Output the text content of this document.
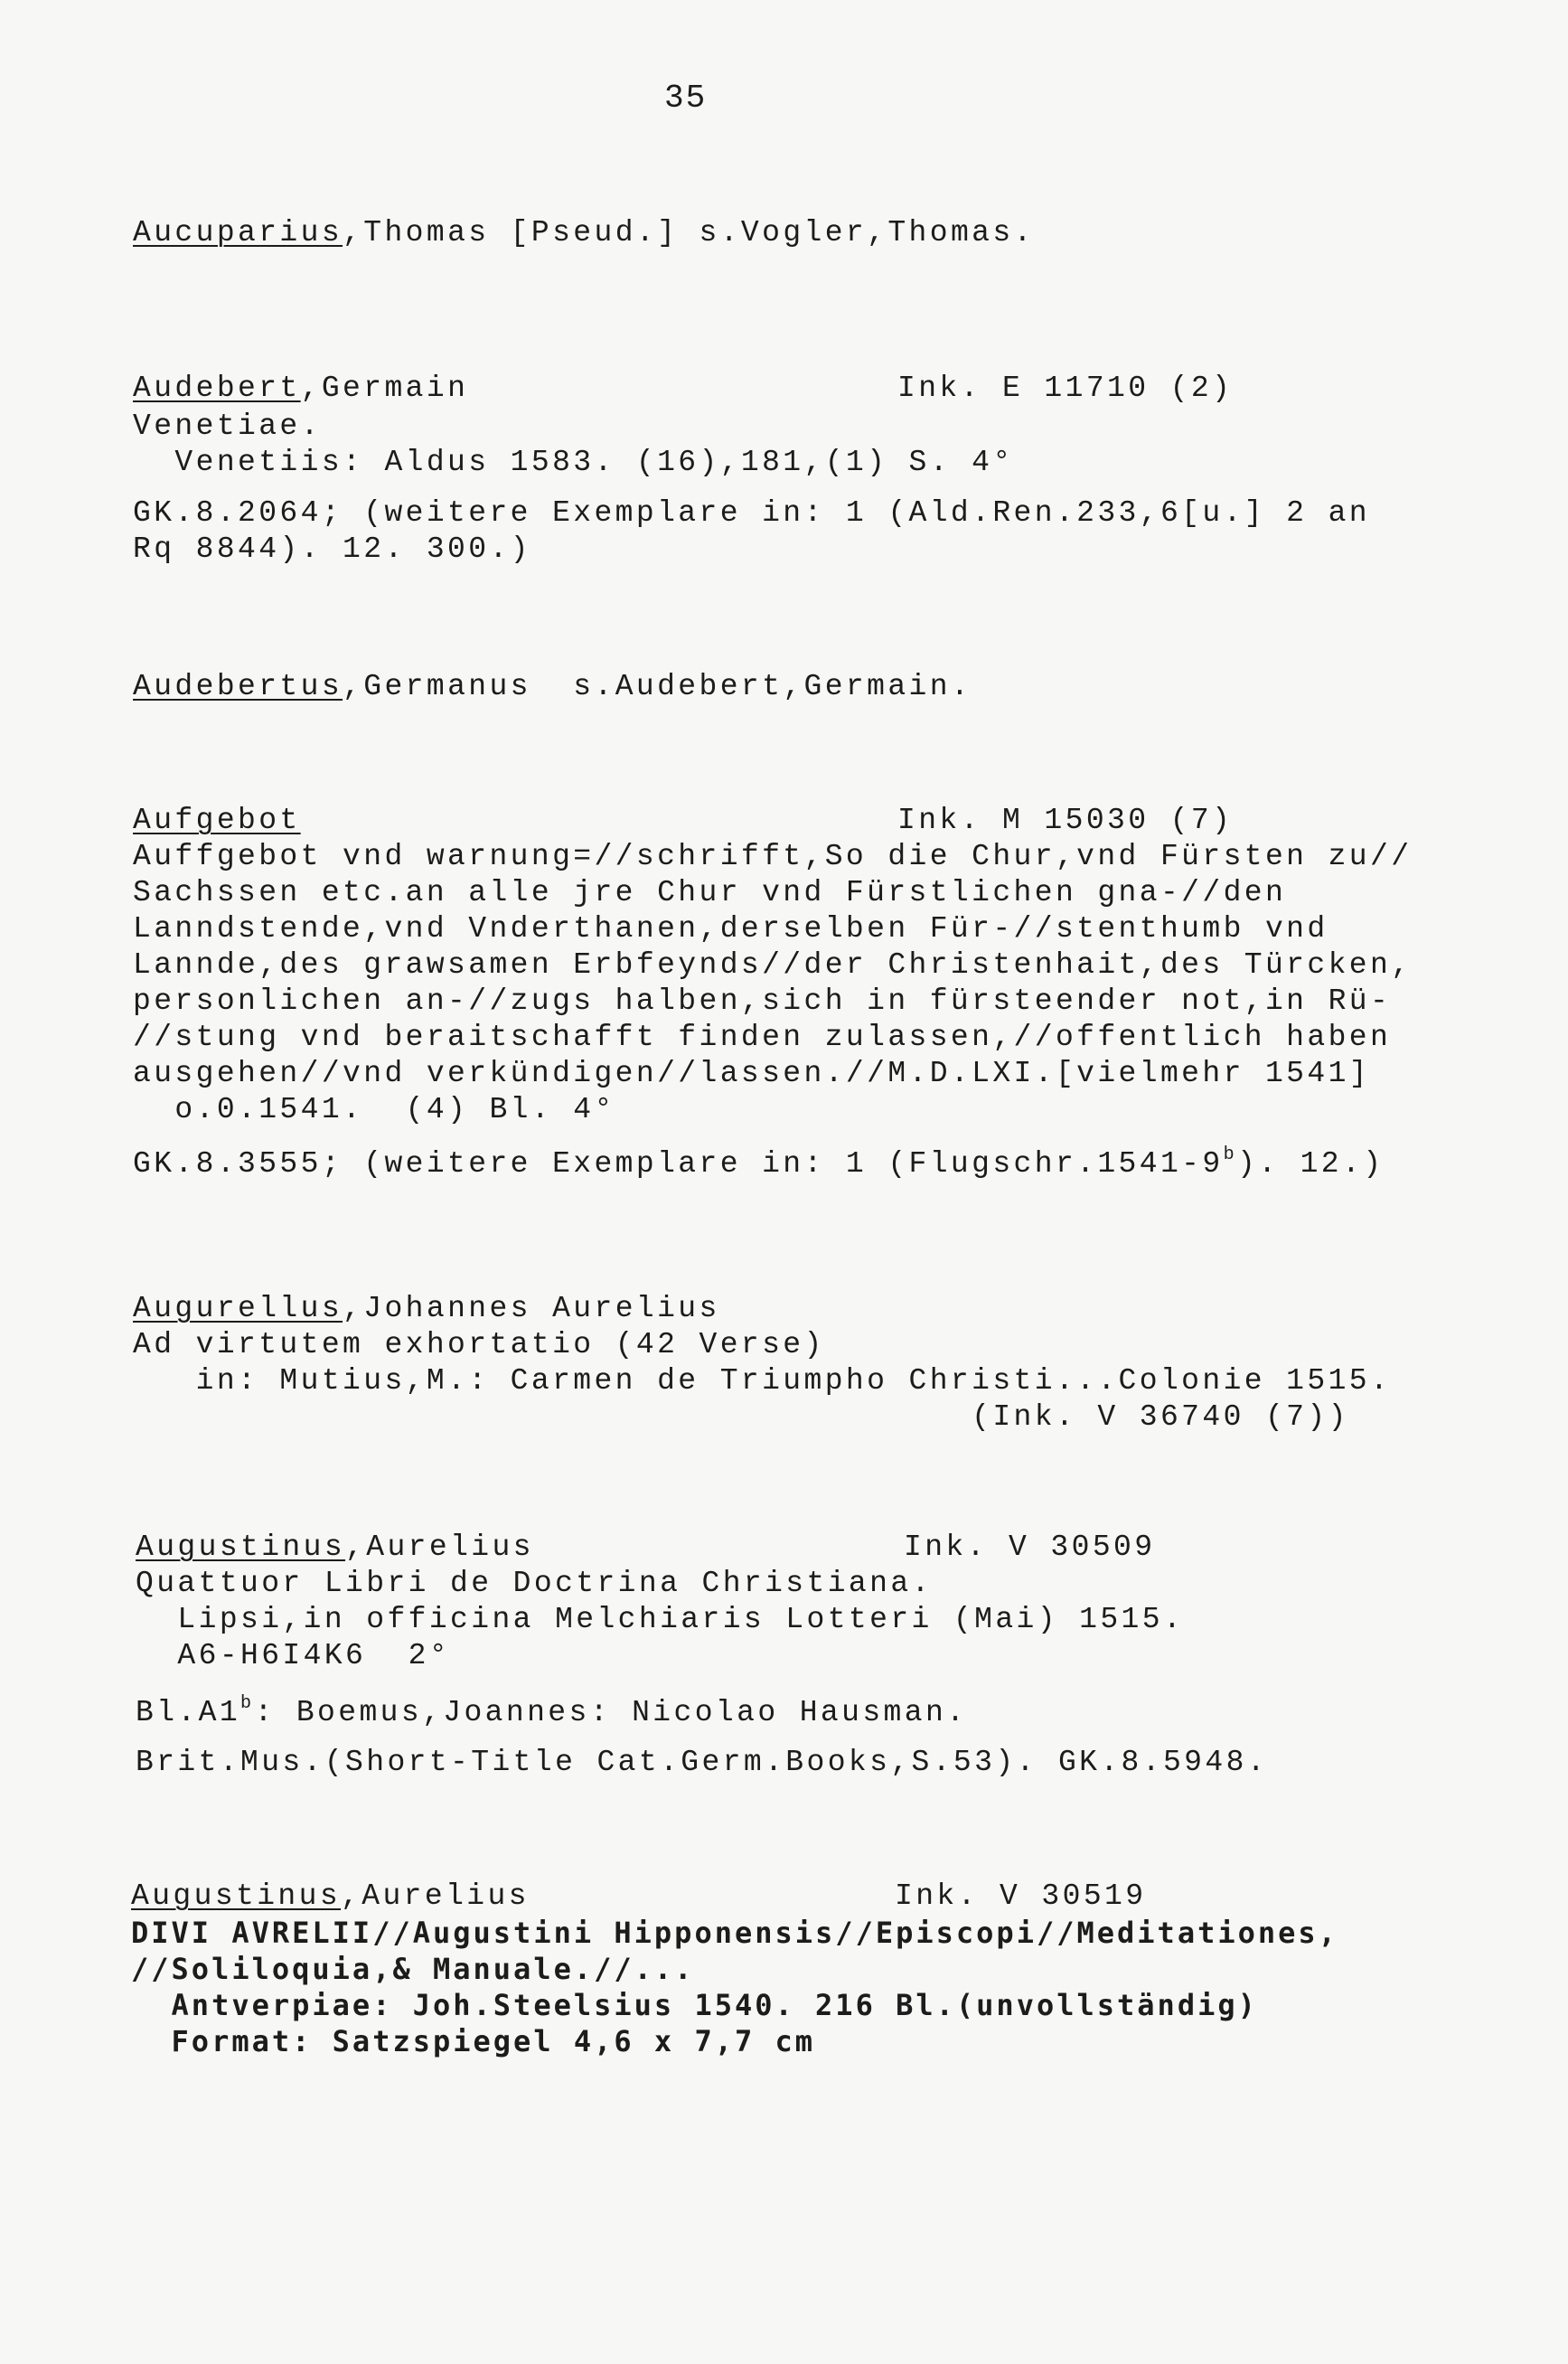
35
Aucuparius,Thomas [Pseud.] s.Vogler,Thomas.
Audebert,Germain	Ink. E 11710 (2)
Venetiae.
Venetiis: Aldus 1583. (16),181,(1) S. 4°
GK.8.2064; (weitere Exemplare in: 1 (Ald.Ren.233,6[u.] 2 an
Rq 8844). 12. 300.)
Audebertus,Germanus  s.Audebert,Germain.
Aufgebot	Ink. M 15030 (7)
Auffgebot vnd warnung=//schrifft,So die Chur,vnd Fürsten zu//
Sachssen etc.an alle jre Chur vnd Fürstlichen gna-//den
Lanndstende,vnd Vnderthanen,derselben Für-//stenthumb vnd
Lannde,des grawsamen Erbfeynds//der Christenhait,des Türcken,
personlichen an-//zugs halben,sich in fürsteender not,in Rü-
//stung vnd beraitschafft finden zulassen,//offentlich haben
ausgehen//vnd verkündigen//lassen.//M.D.LXI.[vielmehr 1541]
o.0.1541.  (4) Bl. 4°
GK.8.3555; (weitere Exemplare in: 1 (Flugschr.1541-9$^b$). 12.)
Augurellus,Johannes Aurelius
Ad virtutem exhortatio (42 Verse)
in: Mutius,M.: Carmen de Triumpho Christi...Colonie 1515.
(Ink. V 36740 (7))
Augustinus,Aurelius	Ink. V 30509
Quattuor Libri de Doctrina Christiana.
Lipsi,in officina Melchiaris Lotteri (Mai) 1515.
A6-H6I4K6  2°
Bl.A1$^b$: Boemus,Joannes: Nicolao Hausman.
Brit.Mus.(Short-Title Cat.Germ.Books,S.53). GK.8.5948.
Augustinus,Aurelius	Ink. V 30519
DIVI AVRELII//Augustini Hipponensis//Episcopi//Meditationes,
//Soliloquia,& Manuale.//...
Antverpiae: Joh.Steelsius 1540. 216 Bl.(unvollständig)
Format: Satzspiegel 4,6 x 7,7 cm
